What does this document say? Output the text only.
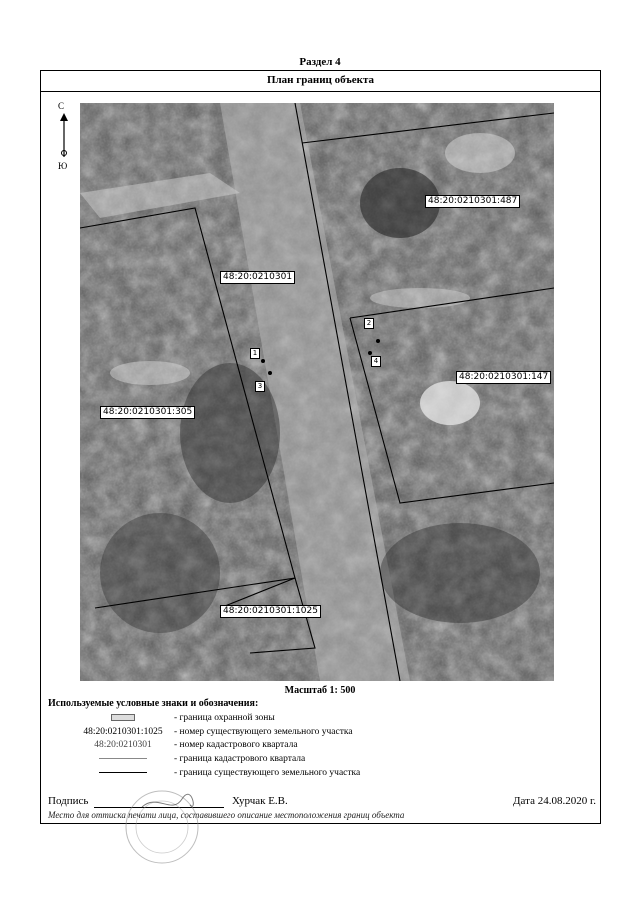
Раздел 4
План границ объекта
С
Ю
48:20:0210301:487
48:20:0210301:147
48:20:0210301:305
48:20:0210301:1025
48:20:0210301
1
2
3
4
Масштаб 1: 500
Используемые условные знаки и обозначения:
- граница охранной зоны
48:20:0210301:1025	- номер существующего земельного участка
48:20:0210301	- номер кадастрового квартала
- граница кадастрового квартала
- граница существующего земельного участка
Подпись	Хурчак Е.В.	Дата 24.08.2020 г.
Место для оттиска печати лица, составившего описание местоположения границ объекта
